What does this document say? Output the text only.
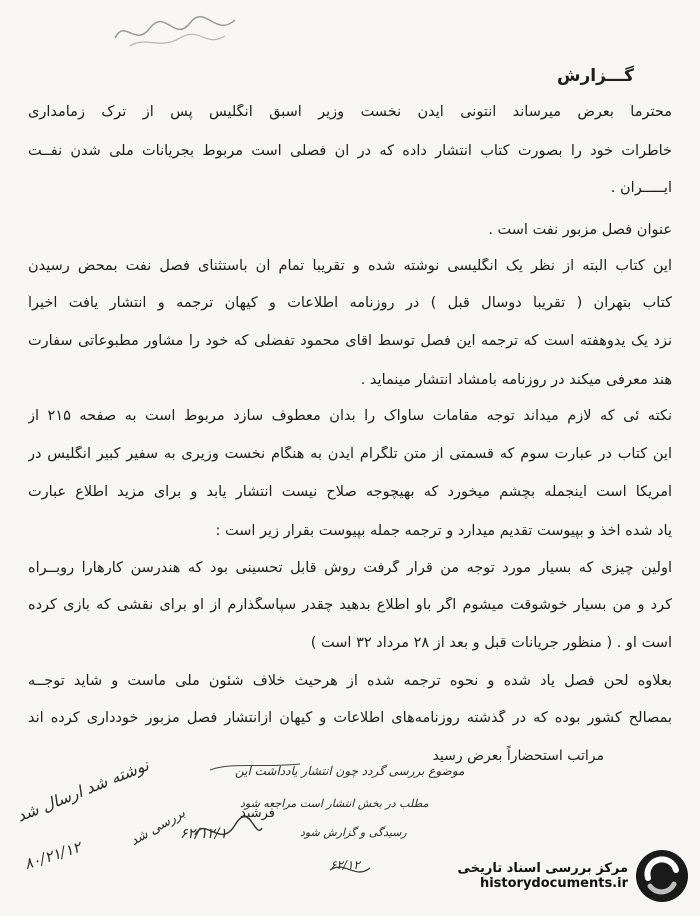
گـــزارش
محترماً بعرض میرساند آنتونی ایدن نخست وزیر اسبق انگلیس پس از ترک زمامداری
خاطرات خود را بصورت کتاب انتشار داده که در آن فصلی است مربوط بجریانات ملی شدن نفــت
ایـــــران .
عنوان فصل مزبور نفت است .
این کتاب البته از نظر یک انگلیسی نوشته شده و تقریباً تمام آن باستثنای فصل نفت بمحض رسیدن
کتاب بتهران ( تقریباً دوسال قبل ) در روزنامه اطلاعات و کیهان ترجمه و انتشار یافت اخیراً
نزد یک یدوهفته است که ترجمه این فصل توسط آقای محمود تفضلی که خود را مشاور مطبوعاتی سفارت
هند معرفی میکند در روزنامه بامشاد انتشار مینماید .
نکته ئی که لازم میداند توجه مقامات ساواک را بدان معطوف سازد مربوط است به صفحه ۲۱۵ از
این کتاب در عبارت سوم که قسمتی از متن تلگرام ایدن به هنگام نخست وزیری به سفیر کبیر انگلیس در
آمریکا است اینجمله بچشم میخورد که بهیچوجه صلاح نیست انتشار یابد و برای مزید اطلاع عبارت
یاد شده اخذ و بپیوست تقدیم میدارد و ترجمه جمله بپیوست بقرار زیر است :
اولین چیزی که بسیار مورد توجه من قرار گرفت روش قابل تحسینی بود که هندرسن کارهارا روبــراه
کرد و من بسیار خوشوقت میشوم اگر باو اطلاع بدهید چقدر سپاسگذارم از او برای نقشی که بازی کرده
است او . ( منظور جریانات قبل و بعد از ۲۸ مرداد ۳۲ است )
بعلاوه لحن فصل یاد شده و نحوه ترجمه شده از هرحیث خلاف شئون ملی ماست و شاید توجــه
بمصالح کشور بوده که در گذشته روزنامه‌های اطلاعات و کیهان ازانتشار فصل مزبور خودداری کرده اند
مراتب استحضاراً بعرض رسید
فرشید
موضوع بررسی گردد چون انتشار یادداشت این
مطلب در بخش انتشار است مراجعه شود
رسیدگی و گزارش شود
۶۲/۱۲
۶۲/۱۲/۱
نوشته شد ارسال شد
۸۰/۲۱/۱۲
بررسی شد
مرکز بررسی اسناد تاریخی
historydocuments.ir
